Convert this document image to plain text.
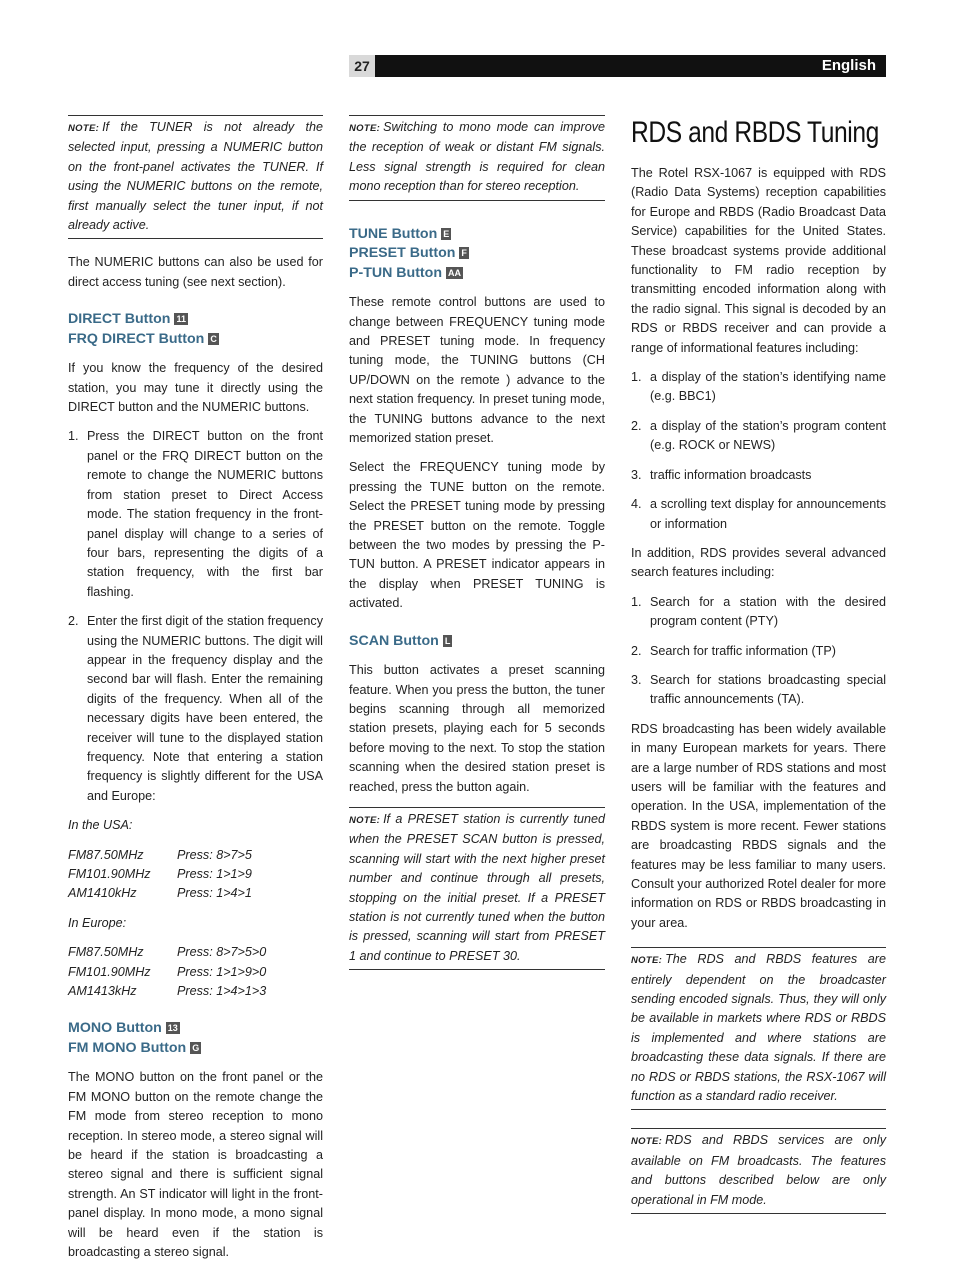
27	English
NOTE: If the TUNER is not already the selected input, pressing a NUMERIC button on the front-panel activates the TUNER. If using the NUMERIC buttons on the remote, first manually select the tuner input, if not already active.

The NUMERIC buttons can also be used for direct access tuning (see next section).

DIRECT Button 11
FRQ DIRECT Button C

If you know the frequency of the desired station, you may tune it directly using the DIRECT button and the NUMERIC buttons.

1. Press the DIRECT button on the front panel or the FRQ DIRECT button on the remote to change the NUMERIC buttons from station preset to Direct Access mode. The station frequency in the front-panel display will change to a series of four bars, representing the digits of a station frequency, with the first bar flashing.
2. Enter the first digit of the station frequency using the NUMERIC buttons. The digit will appear in the frequency display and the second bar will flash. Enter the remaining digits of the frequency. When all of the necessary digits have been entered, the receiver will tune to the displayed station frequency. Note that entering a station frequency is slightly different for the USA and Europe:
In the USA:
FM87.50MHz	Press: 8>7>5
FM101.90MHz	Press: 1>1>9
AM1410kHz	Press: 1>4>1
In Europe:
FM87.50MHz	Press: 8>7>5>0
FM101.90MHz	Press: 1>1>9>0
AM1413kHz	Press: 1>4>1>3
MONO Button 13
FM MONO Button G

The MONO button on the front panel or the FM MONO button on the remote change the FM mode from stereo reception to mono reception. In stereo mode, a stereo signal will be heard if the station is broadcasting a stereo signal and there is sufficient signal strength. An ST indicator will light in the front-panel display. In mono mode, a mono signal will be heard even if the station is broadcasting a stereo signal.

NOTE: Switching to mono mode can improve the reception of weak or distant FM signals. Less signal strength is required for clean mono reception than for stereo reception.
TUNE Button E
PRESET Button F
P-TUN Button AA

These remote control buttons are used to change between FREQUENCY tuning mode and PRESET tuning mode. In frequency tuning mode, the TUNING buttons (CH UP/DOWN on the remote ) advance to the next station frequency. In preset tuning mode, the TUNING buttons advance to the next memorized station preset.

Select the FREQUENCY tuning mode by pressing the TUNE button on the remote. Select the PRESET tuning mode by pressing the PRESET button on the remote. Toggle between the two modes by pressing the P-TUN button. A PRESET indicator appears in the display when PRESET TUNING is activated.

SCAN Button L

This button activates a preset scanning feature. When you press the button, the tuner begins scanning through all memorized station presets, playing each for 5 seconds before moving to the next. To stop the station scanning when the desired station preset is reached, press the button again.

NOTE: If a PRESET station is currently tuned when the PRESET SCAN button is pressed, scanning will start with the next higher preset number and continue through all presets, stopping on the initial preset. If a PRESET station is not currently tuned when the button is pressed, scanning will start from PRESET 1 and continue to PRESET 30.
RDS and RBDS Tuning

The Rotel RSX-1067 is equipped with RDS (Radio Data Systems) reception capabilities for Europe and RBDS (Radio Broadcast Data Service) capabilities for the United States. These broadcast systems provide additional functionality to FM radio reception by transmitting encoded information along with the radio signal. This signal is decoded by an RDS or RBDS receiver and can provide a range of informational features including:

1. a display of the station’s identifying name (e.g. BBC1)
2. a display of the station’s program content (e.g. ROCK or NEWS)
3. traffic information broadcasts
4. a scrolling text display for announcements or information

In addition, RDS provides several advanced search features including:

1. Search for a station with the desired program content (PTY)
2. Search for traffic information (TP)
3. Search for stations broadcasting special traffic announcements (TA).

RDS broadcasting has been widely available in many European markets for years. There are a large number of RDS stations and most users will be familiar with the features and operation. In the USA, implementation of the RBDS system is more recent. Fewer stations are broadcasting RBDS signals and the features may be less familiar to many users. Consult your authorized Rotel dealer for more information on RDS or RBDS broadcasting in your area.

NOTE: The RDS and RBDS features are entirely dependent on the broadcaster sending encoded signals. Thus, they will only be available in markets where RDS or RBDS is implemented and where stations are broadcasting these data signals. If there are no RDS or RBDS stations, the RSX-1067 will function as a standard radio receiver.
NOTE: RDS and RBDS services are only available on FM broadcasts. The features and buttons described below are only operational in FM mode.
